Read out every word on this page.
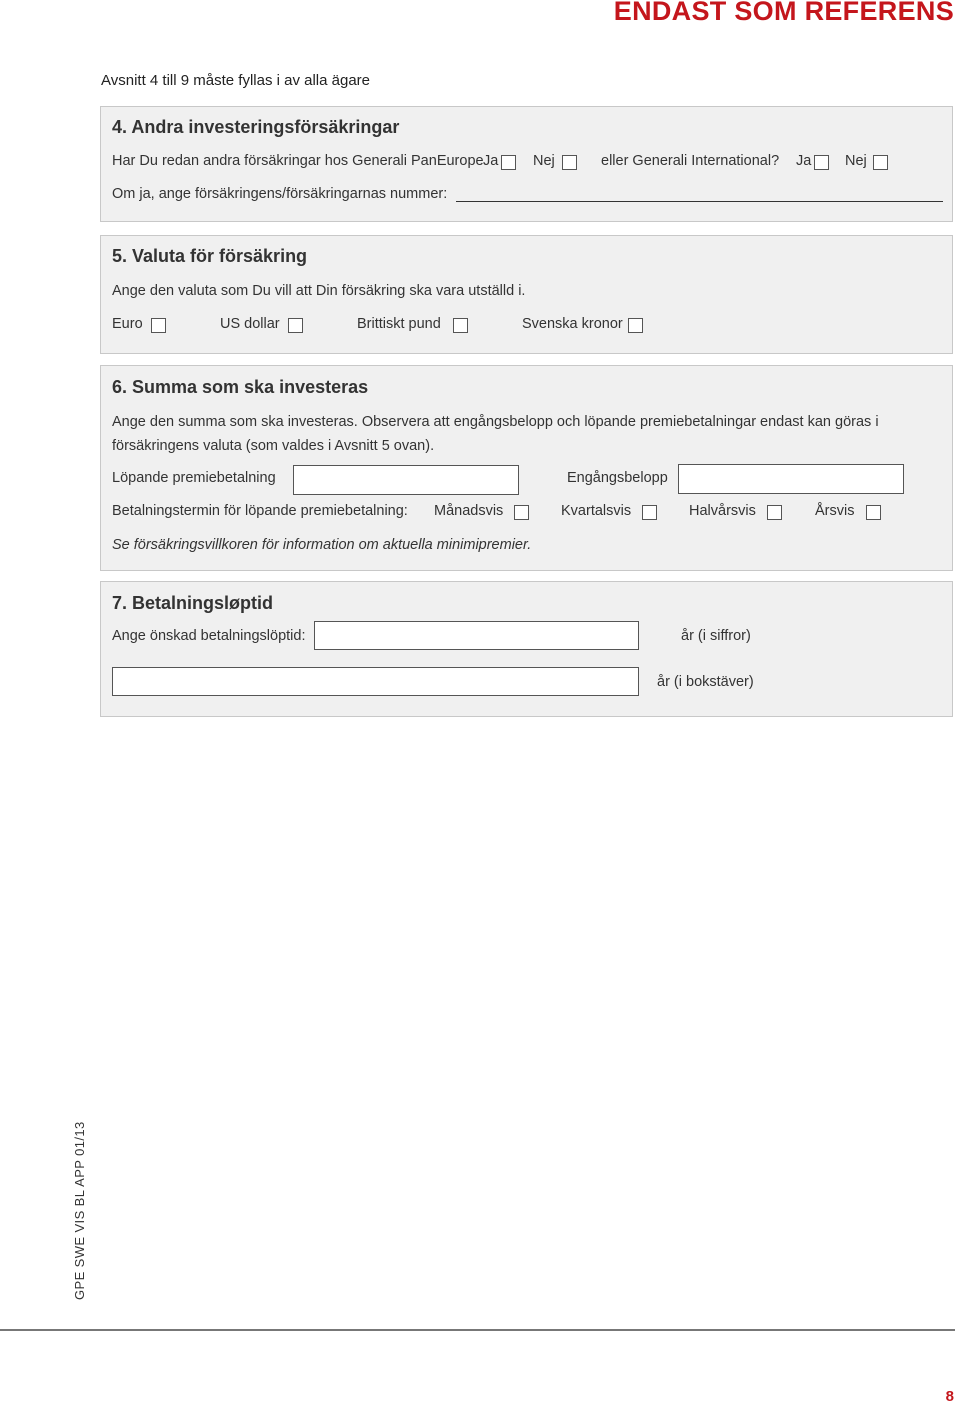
ENDAST SOM REFERENS
Avsnitt 4 till 9 måste fyllas i av alla ägare
4. Andra investeringsförsäkringar
Har Du redan andra försäkringar hos Generali PanEurope Ja Nej	eller Generali International? Ja Nej
Om ja, ange försäkringens/försäkringarnas nummer:
5. Valuta för försäkring
Ange den valuta som Du vill att Din försäkring ska vara utställd i.
Euro	US dollar	Brittiskt pund	Svenska kronor
6. Summa som ska investeras
Ange den summa som ska investeras. Observera att engångsbelopp och löpande premiebetalningar endast kan göras i
försäkringens valuta (som valdes i Avsnitt 5 ovan).
Löpande premiebetalning	Engångsbelopp
Betalningstermin för löpande premiebetalning: Månadsvis	Kvartalsvis	Halvårsvis	Årsvis
Se försäkringsvillkoren för information om aktuella minimipremier.
7. Betalningsløptid
Ange önskad betalningslöptid:	år (i siffror)
år (i bokstäver)
GPE SWE VIS BL APP 01/13
8
